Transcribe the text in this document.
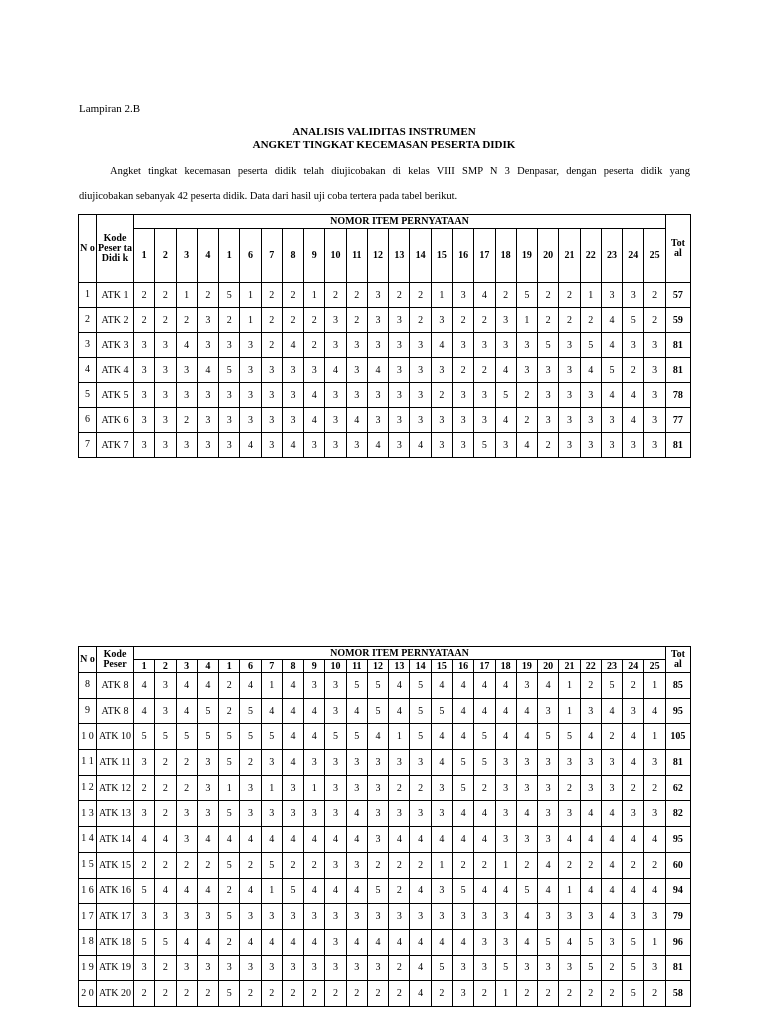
Lampiran 2.B
ANALISIS VALIDITAS INSTRUMEN
ANGKET TINGKAT KECEMASAN PESERTA DIDIK
Angket tingkat kecemasan peserta didik telah diujicobakan di kelas VIII SMP N 3 Denpasar, dengan peserta didik yang
diujicobakan sebanyak 42 peserta didik. Data dari hasil uji coba tertera pada tabel berikut.
N o	Kode Peser ta Didi k	NOMOR ITEM PERNYATAAN																									Tot al
		1	2	3	4	1	6	7	8	9	10	11	12	13	14	15	16	17	18	19	20	21	22	23	24	25	
1	ATK 1	2	2	1	2	5	1	2	2	1	2	2	3	2	2	1	3	4	2	5	2	2	1	3	3	2	57
2	ATK 2	2	2	2	3	2	1	2	2	2	3	2	3	3	2	3	2	2	3	1	2	2	2	4	5	2	59
3	ATK 3	3	3	4	3	3	3	2	4	2	3	3	3	3	3	4	3	3	3	3	5	3	5	4	3	3	81
4	ATK 4	3	3	3	4	5	3	3	3	3	4	3	4	3	3	3	2	2	4	3	3	3	4	5	2	3	81
5	ATK 5	3	3	3	3	3	3	3	3	4	3	3	3	3	3	2	3	3	5	2	3	3	3	4	4	3	78
6	ATK 6	3	3	2	3	3	3	3	3	4	3	4	3	3	3	3	3	3	4	2	3	3	3	3	4	3	77
7	ATK 7	3	3	3	3	3	4	3	4	3	3	3	4	3	4	3	3	5	3	4	2	3	3	3	3	3	81
N o	Kode Peser	NOMOR ITEM PERNYATAAN																									Tot al
		1	2	3	4	1	6	7	8	9	10	11	12	13	14	15	16	17	18	19	20	21	22	23	24	25	
8	ATK 8	4	3	4	4	2	4	1	4	3	3	5	5	4	5	4	4	4	4	3	4	1	2	5	2	1	85
9	ATK 8	4	3	4	5	2	5	4	4	4	3	4	5	4	5	5	4	4	4	4	3	1	3	4	3	4	95
1 0	ATK 10	5	5	5	5	5	5	5	4	4	5	5	4	1	5	4	4	5	4	4	5	5	4	2	4	1	105
1 1	ATK 11	3	2	2	3	5	2	3	4	3	3	3	3	3	3	4	5	5	3	3	3	3	3	3	4	3	81
1 2	ATK 12	2	2	2	3	1	3	1	3	1	3	3	3	2	2	3	5	2	3	3	3	2	3	3	2	2	62
1 3	ATK 13	3	2	3	3	5	3	3	3	3	3	4	3	3	3	3	4	4	3	4	3	3	4	4	3	3	82
1 4	ATK 14	4	4	3	4	4	4	4	4	4	4	4	3	4	4	4	4	4	3	3	3	4	4	4	4	4	95
1 5	ATK 15	2	2	2	2	5	2	5	2	2	3	3	2	2	2	1	2	2	1	2	4	2	2	4	2	2	60
1 6	ATK 16	5	4	4	4	2	4	1	5	4	4	4	5	2	4	3	5	4	4	5	4	1	4	4	4	4	94
1 7	ATK 17	3	3	3	3	5	3	3	3	3	3	3	3	3	3	3	3	3	3	4	3	3	3	4	3	3	79
1 8	ATK 18	5	5	4	4	2	4	4	4	4	3	4	4	4	4	4	4	3	3	4	5	4	5	3	5	1	96
1 9	ATK 19	3	2	3	3	3	3	3	3	3	3	3	3	2	4	5	3	3	5	3	3	3	5	2	5	3	81
2 0	ATK 20	2	2	2	2	5	2	2	2	2	2	2	2	2	4	2	3	2	1	2	2	2	2	2	5	2	58
